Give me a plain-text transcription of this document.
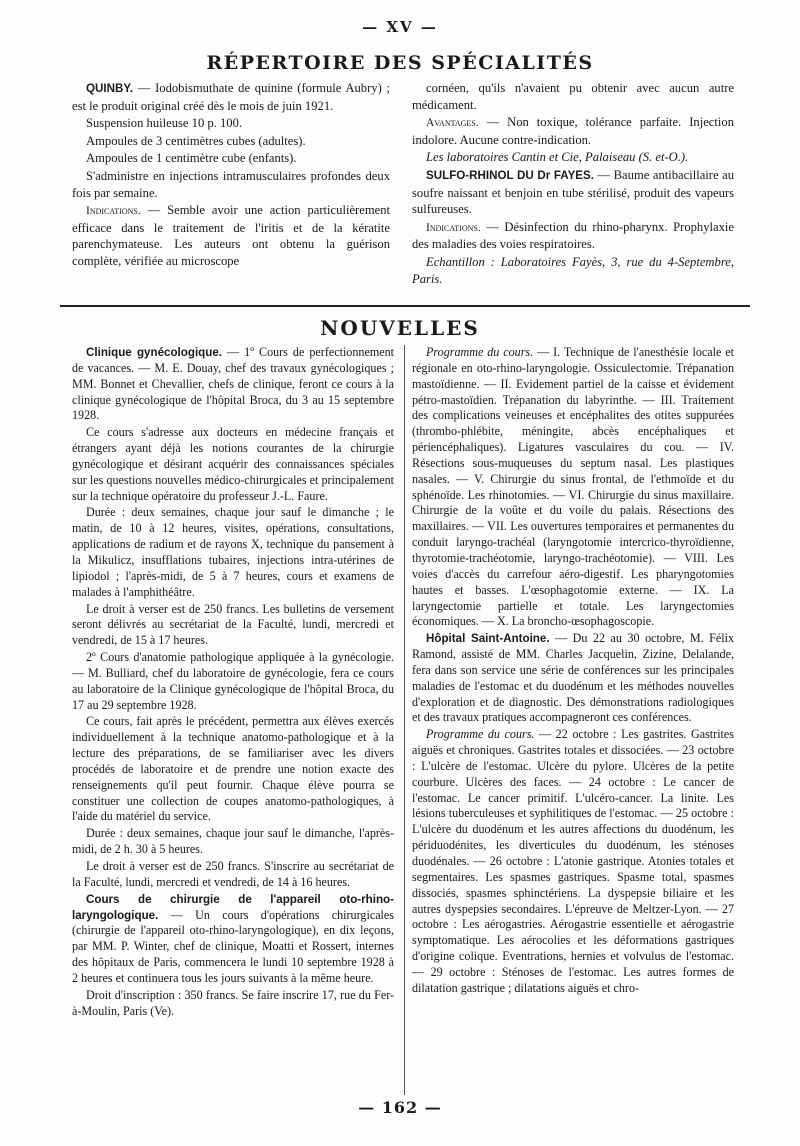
— XV —
RÉPERTOIRE DES SPÉCIALITÉS

QUINBY. — Iodobismuthate de quinine (formule Aubry) ; est le produit original créé dès le mois de juin 1921.

Suspension huileuse 10 p. 100.

Ampoules de 3 centimètres cubes (adultes).

Ampoules de 1 centimètre cube (enfants).

S'administre en injections intramusculaires profondes deux fois par semaine.

Indications. — Semble avoir une action particulièrement efficace dans le traitement de l'iritis et de la kératite parenchymateuse. Les auteurs ont obtenu la guérison complète, vérifiée au microscope

cornéen, qu'ils n'avaient pu obtenir avec aucun autre médicament.

Avantages. — Non toxique, tolérance parfaite. Injection indolore. Aucune contre-indication.

Les laboratoires Cantin et Cie, Palaiseau (S. et-O.).

SULFO-RHINOL DU Dr FAYES. — Baume antibacillaire au soufre naissant et benjoin en tube stérilisé, produit des vapeurs sulfureuses.

Indications. — Désinfection du rhino-pharynx. Prophylaxie des maladies des voies respiratoires.

Echantillon : Laboratoires Fayès, 3, rue du 4-Septembre, Paris.

NOUVELLES

Clinique gynécologique. — 1º Cours de perfectionnement de vacances. — M. E. Douay, chef des travaux gynécologiques ; MM. Bonnet et Chevallier, chefs de clinique, feront ce cours à la clinique gynécologique de l'hôpital Broca, du 3 au 15 septembre 1928.

Ce cours s'adresse aux docteurs en médecine français et étrangers ayant déjà les notions courantes de la chirurgie gynécologique et désirant acquérir des connaissances spéciales sur les questions nouvelles médico-chirurgicales et principalement sur la technique opératoire du professeur J.-L. Faure.

Durée : deux semaines, chaque jour sauf le dimanche ; le matin, de 10 à 12 heures, visites, opérations, consultations, applications de radium et de rayons X, technique du pansement à la Mikulicz, insufflations tubaires, injections intra-utérines de lipiodol ; l'après-midi, de 5 à 7 heures, cours et examens de malades à l'amphithéâtre.

Le droit à verser est de 250 francs. Les bulletins de versement seront délivrés au secrétariat de la Faculté, lundi, mercredi et vendredi, de 15 à 17 heures.

2º Cours d'anatomie pathologique appliquée à la gynécologie. — M. Bulliard, chef du laboratoire de gynécologie, fera ce cours au laboratoire de la Clinique gynécologique de l'hôpital Broca, du 17 au 29 septembre 1928.

Ce cours, fait après le précédent, permettra aux élèves exercés individuellement à la technique anatomo-pathologique et à la lecture des préparations, de se familiariser avec les divers procédés de laboratoire et de prendre une notion exacte des renseignements qu'il peut fournir. Chaque élève pourra se constituer une collection de coupes anatomo-pathologiques, à l'aide du matériel du service.

Durée : deux semaines, chaque jour sauf le dimanche, l'après-midi, de 2 h. 30 à 5 heures.

Le droit à verser est de 250 francs. S'inscrire au secrétariat de la Faculté, lundi, mercredi et vendredi, de 14 à 16 heures.

Cours de chirurgie de l'appareil oto-rhino-laryngologique. — Un cours d'opérations chirurgicales (chirurgie de l'appareil oto-rhino-laryngologique), en dix leçons, par MM. P. Winter, chef de clinique, Moatti et Rossert, internes des hôpitaux de Paris, commencera le lundi 10 septembre 1928 à 2 heures et continuera tous les jours suivants à la même heure.

Droit d'inscription : 350 francs. Se faire inscrire 17, rue du Fer-à-Moulin, Paris (Ve).

Programme du cours. — I. Technique de l'anesthésie locale et régionale en oto-rhino-laryngologie. Ossiculectomie. Trépanation mastoïdienne. — II. Evidement partiel de la caisse et évidement pétro-mastoïdien. Trépanation du labyrinthe. — III. Traitement des complications veineuses et encéphalites des otites suppurées (thrombo-phlébite, méningite, abcès encéphaliques et périencéphaliques). Ligatures vasculaires du cou. — IV. Résections sous-muqueuses du septum nasal. Les plastiques nasales. — V. Chirurgie du sinus frontal, de l'ethmoïde et du sphénoïde. Les rhinotomies. — VI. Chirurgie du sinus maxillaire. Chirurgie de la voûte et du voile du palais. Résections des maxillaires. — VII. Les ouvertures temporaires et permanentes du conduit laryngo-trachéal (laryngotomie intercrico-thyroïdienne, thyrotomie-trachéotomie, laryngo-trachéotomie). — VIII. Les voies d'accès du carrefour aéro-digestif. Les pharyngotomies hautes et basses. L'œsophagotomie externe. — IX. La laryngectomie partielle et totale. Les laryngectomies économiques. — X. La broncho-œsophagoscopie.

Hôpital Saint-Antoine. — Du 22 au 30 octobre, M. Félix Ramond, assisté de MM. Charles Jacquelin, Zizine, Delalande, fera dans son service une série de conférences sur les principales maladies de l'estomac et du duodénum et les méthodes nouvelles d'exploration et de diagnostic. Des démonstrations radiologiques et des travaux pratiques accompagneront ces conférences.

Programme du cours. — 22 octobre : Les gastrites. Gastrites aiguës et chroniques. Gastrites totales et dissociées. — 23 octobre : L'ulcère de l'estomac. Ulcère du pylore. Ulcères de la petite courbure. Ulcères des faces. — 24 octobre : Le cancer de l'estomac. Le cancer primitif. L'ulcéro-cancer. La linite. Les lésions tuberculeuses et syphilitiques de l'estomac. — 25 octobre : L'ulcère du duodénum et les autres affections du duodénum, les périduodénites, les diverticules du duodénum, les sténoses duodénales. — 26 octobre : L'atonie gastrique. Atonies totales et segmentaires. Les spasmes gastriques. Spasme total, spasmes dissociés, spasmes sphinctériens. La dyspepsie biliaire et les autres dyspepsies secondaires. L'épreuve de Meltzer-Lyon. — 27 octobre : Les aérogastries. Aérogastrie essentielle et aérogastrie symptomatique. Les aérocolies et les déformations gastriques d'origine colique. Eventrations, hernies et volvulus de l'estomac. — 29 octobre : Sténoses de l'estomac. Les autres formes de dilatation gastrique ; dilatations aiguës et chro-

— 162 —
